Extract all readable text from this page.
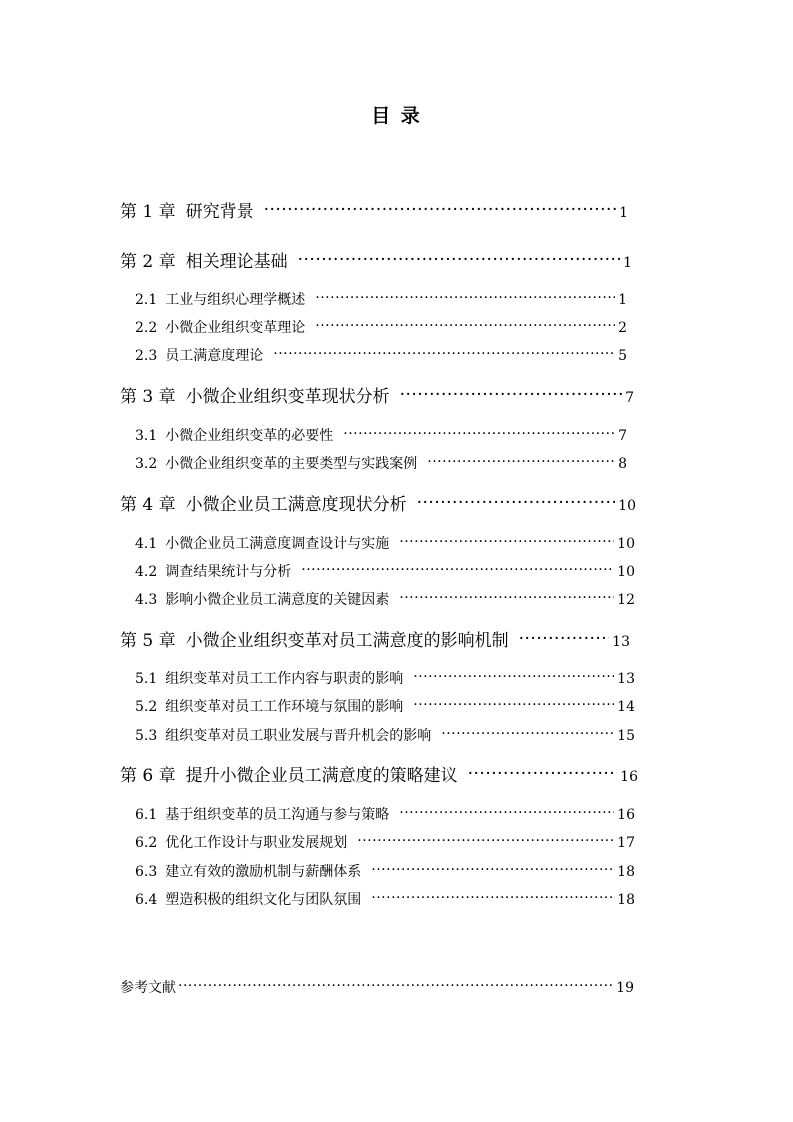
目 录
第 1 章 研究背景 ·····	1
第 2 章 相关理论基础 ·····	1
2.1 工业与组织心理学概述 ·····	1
2.2 小微企业组织变革理论 ·····	2
2.3 员工满意度理论 ·····	5
第 3 章 小微企业组织变革现状分析 ·····	7
3.1 小微企业组织变革的必要性 ·····	7
3.2 小微企业组织变革的主要类型与实践案例 ·····	8
第 4 章 小微企业员工满意度现状分析 ·····	10
4.1 小微企业员工满意度调查设计与实施 ·····	10
4.2 调查结果统计与分析 ·····	10
4.3 影响小微企业员工满意度的关键因素 ·····	12
第 5 章 小微企业组织变革对员工满意度的影响机制 ·····	13
5.1 组织变革对员工工作内容与职责的影响 ·····	13
5.2 组织变革对员工工作环境与氛围的影响 ·····	14
5.3 组织变革对员工职业发展与晋升机会的影响 ·····	15
第 6 章 提升小微企业员工满意度的策略建议 ·····	16
6.1 基于组织变革的员工沟通与参与策略 ·····	16
6.2 优化工作设计与职业发展规划 ·····	17
6.3 建立有效的激励机制与薪酬体系 ·····	18
6.4 塑造积极的组织文化与团队氛围 ·····	18
参考文献 ·····	19
